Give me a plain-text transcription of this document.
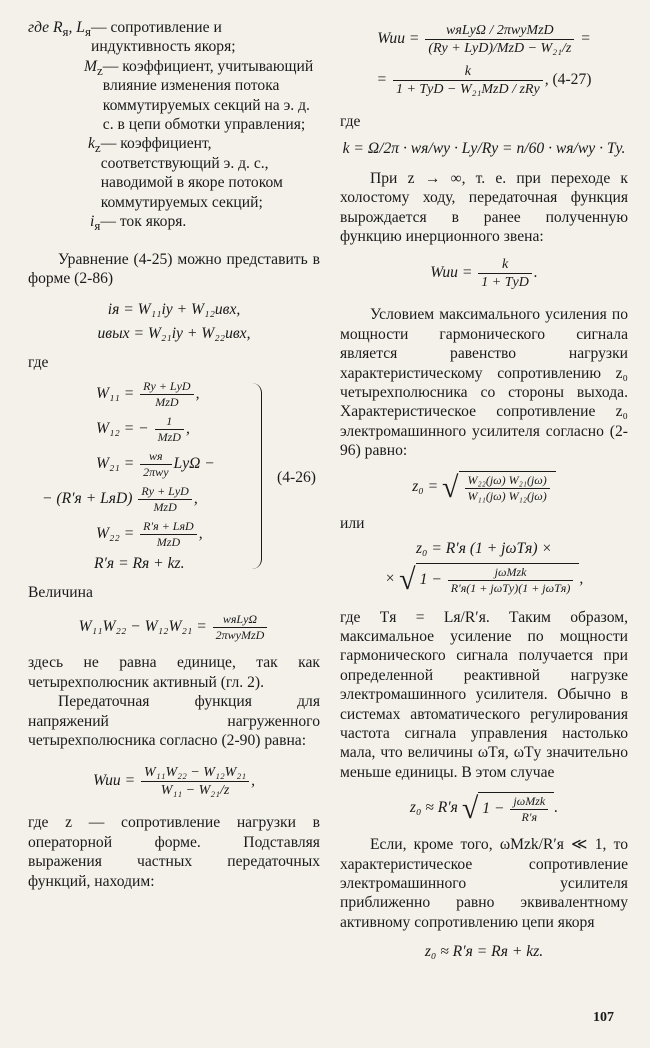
где $R_я$, $L_я$ — сопротивление и индуктивность якоря;
$M_z$ — коэффициент, учитывающий влияние изменения потока коммутируемых секций на э. д. с. в цепи обмотки управления;
$k_z$ — коэффициент, соответствующий э. д. с., наводимой в якоре потоком коммутируемых секций;
$i_я$ — ток якоря.

Уравнение (4-25) можно представить в форме (2-86)

iя = W₁₁iу + W₁₂uвх,
uвых = W₂₁iу + W₂₂uвх,

где

$W_{11} = \frac{\text{Rу + LуD}}{\text{MzD}}$ ,
W₁₂ = − $\frac{1}{\text{MzD}}$ ,
$W_{21} = \frac{wя}{\text{2πwу}}$ LуΩ −
− $(R'я + LяD) \frac{\text{Rу + LуD}}{\text{MzD}}$ ,
$W_{22} = \frac{\text{R′я + LяD}}{\text{MzD}}$ ,
R′я = Rя + kz.
(4-26)

Величина

$W_{11}W_{22} - W_{12}W_{21} = \frac{\text{wяLуΩ}}{\text{2πwуMzD}}$

здесь не равна единице, так как четырехполюсник активный (гл. 2).

Передаточная функция для напряжений нагруженного четырехполюсника согласно (2-90) равна:

Wuu = $\frac{\text{W₁₁W₂₂ − W₁₂W₂₁}}{\text{W₁₁ − W₂₁/z}}$ ,

где z — сопротивление нагрузки в операторной форме. Подставляя выражения частных передаточных функций, находим:

Wuu = $\frac{\text{wяLуΩ / 2πwуMzD}}{\text{(Rу + LуD)/MzD − W₂₁/z}}$ =
= $\frac{k}{\text{1 + TуD − W₂₁MzD / zRу}}$ , (4-27)

где

k = Ω/2π · wя/wу · Lу/Rу = n/60 · wя/wу · Tу.

При z → ∞, т. е. при переходе к холостому ходу, передаточная функция вырождается в ранее полученную функцию инерционного звена:

Wuu = $\frac{k}{\text{1 + TуD}}$ .

Условием максимального усиления по мощности гармонического сигнала является равенство нагрузки характеристическому сопротивлению z₀ четырехполюсника со стороны выхода. Характеристическое сопротивление z₀ электромашинного усилителя согласно (2-96) равно:

z₀ = √ $\frac{\text{W₂₂(jω) W₂₁(jω)}}{\text{W₁₁(jω) W₁₂(jω)}}$

или

z₀ = R′я (1 + jωTя) ×
× √ $1 - \frac{\text{jωMzk}}{\text{R′я(1 + jωTу)(1 + jωTя)}}$ ,

где Tя = Lя/R′я. Таким образом, максимальное усиление по мощности гармонического сигнала получается при определенной реактивной нагрузке электромашинного усилителя. Обычно в системах автоматического регулирования частота сигнала управления настолько мала, что величины ωTя, ωTу значительно меньше единицы. В этом случае

z₀ ≈ R′я √ $1 - \frac{\text{jωMzk}}{R'я}$ .

Если, кроме того, ωMzk/R′я ≪ 1, то характеристическое сопротивление электромашинного усилителя приближенно равно эквивалентному активному сопротивлению цепи якоря

z₀ ≈ R′я = Rя + kz.
107
